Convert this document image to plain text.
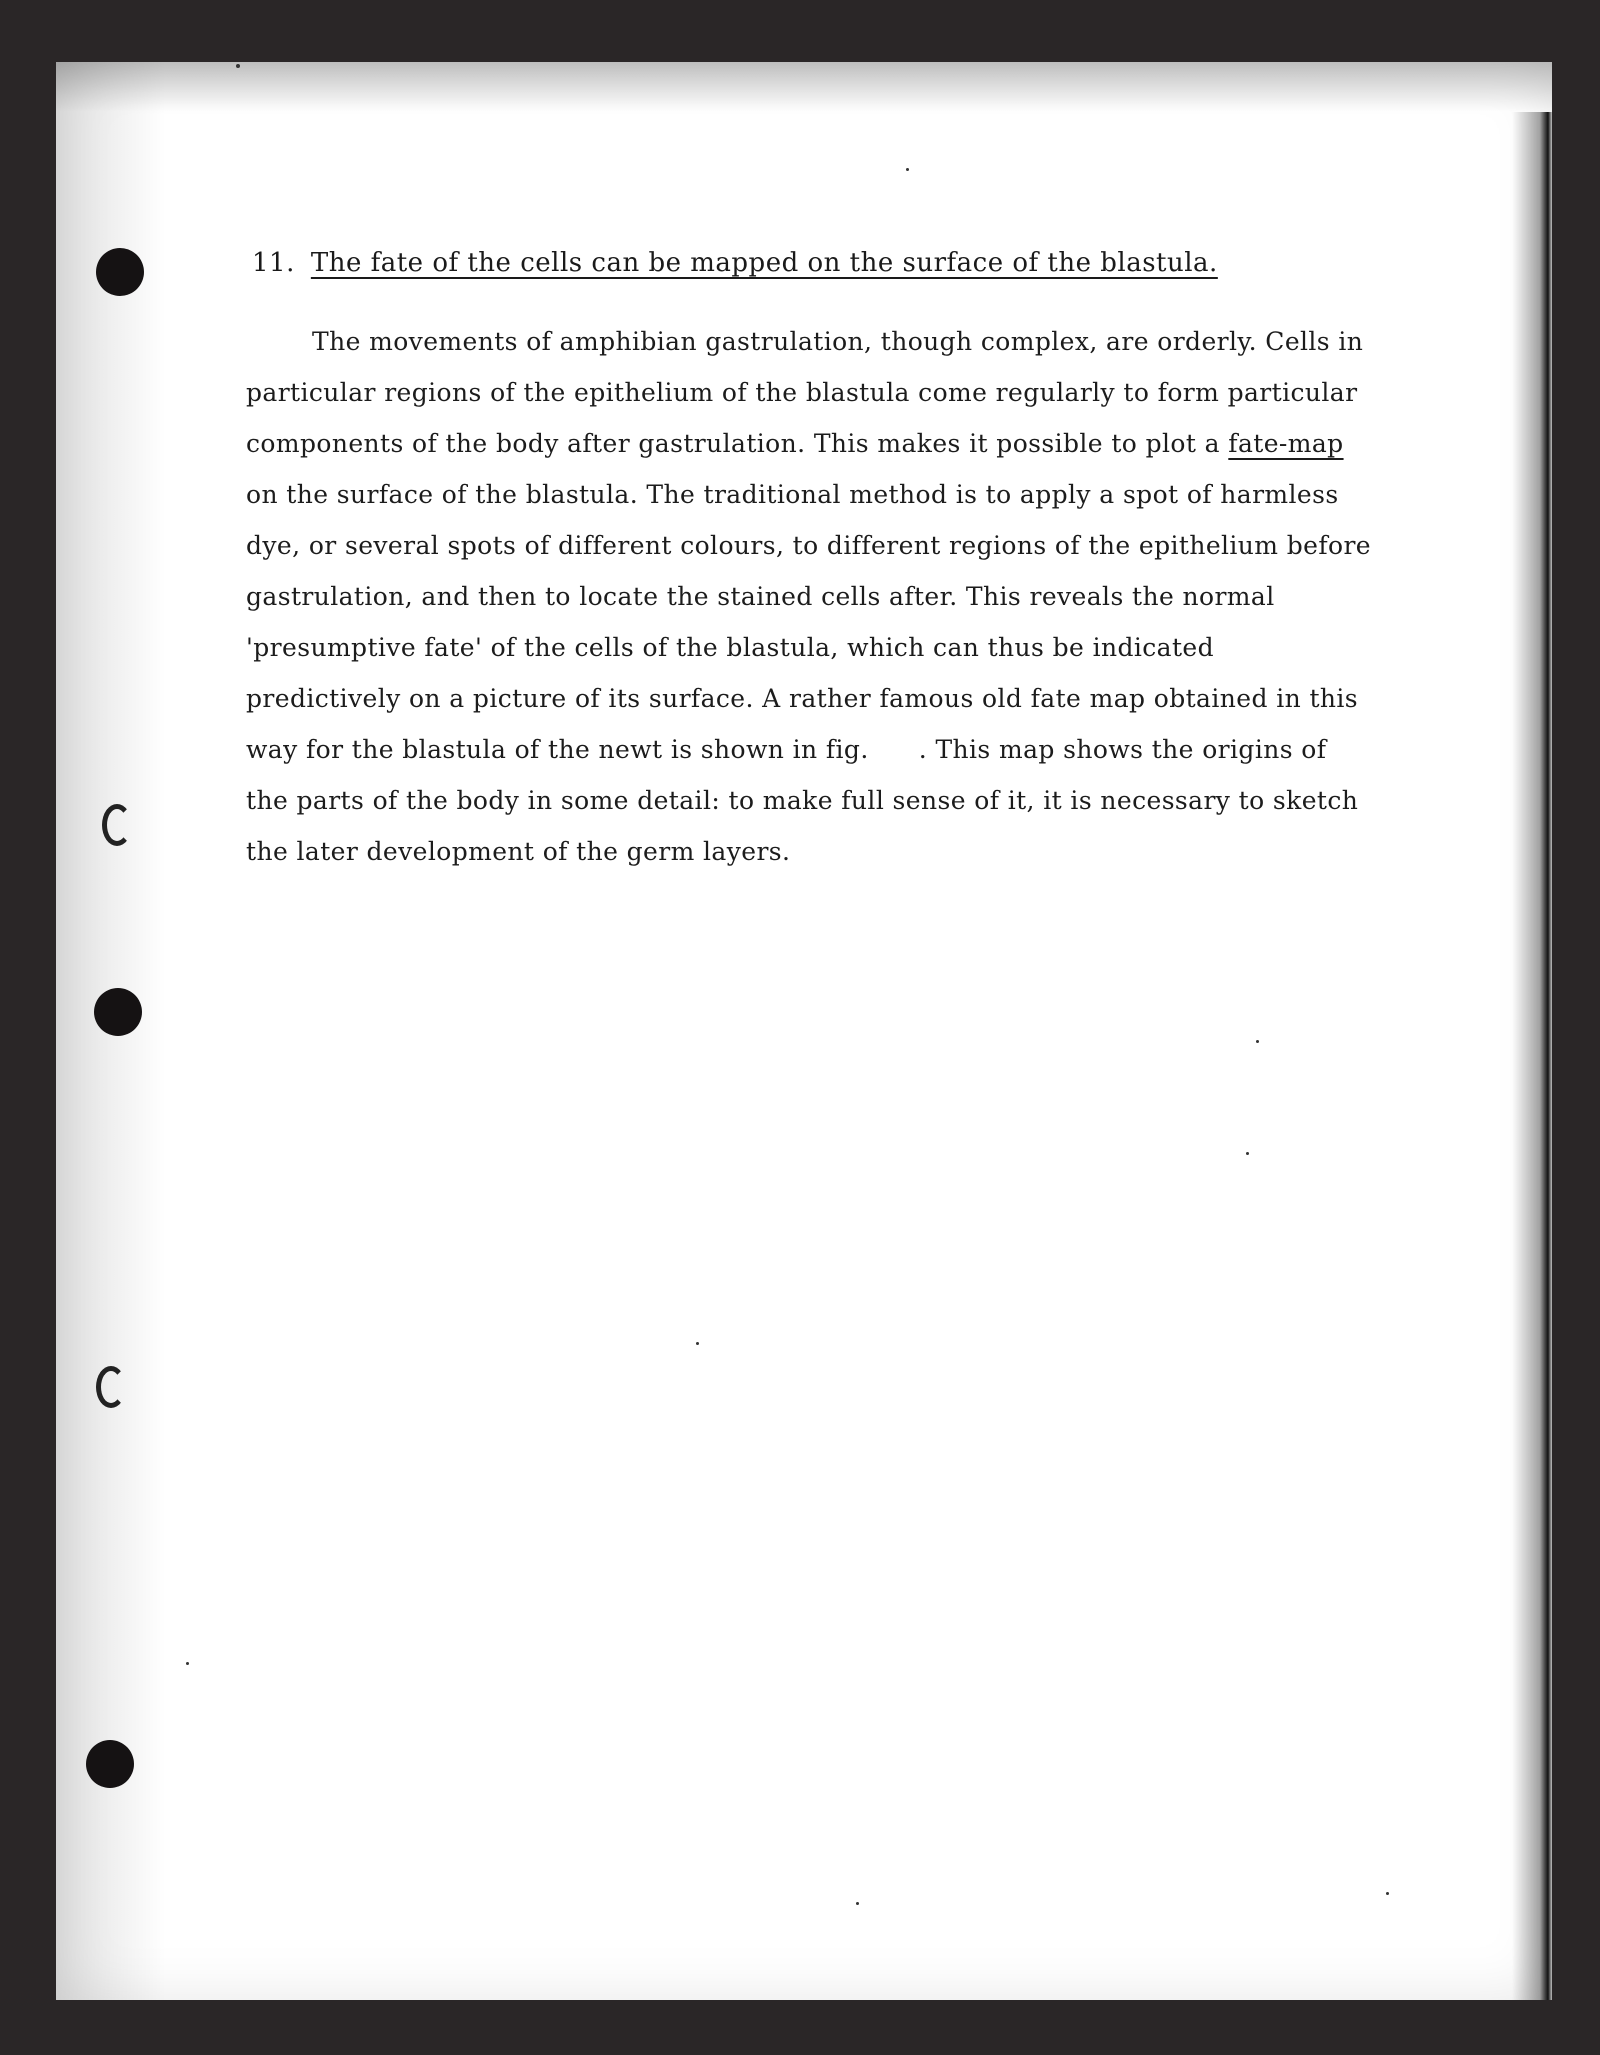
11. The fate of the cells can be mapped on the surface of the blastula.

The movements of amphibian gastrulation, though complex, are orderly. Cells in particular regions of the epithelium of the blastula come regularly to form particular components of the body after gastrulation. This makes it possible to plot a fate-map on the surface of the blastula. The traditional method is to apply a spot of harmless dye, or several spots of different colours, to different regions of the epithelium before gastrulation, and then to locate the stained cells after. This reveals the normal 'presumptive fate' of the cells of the blastula, which can thus be indicated predictively on a picture of its surface. A rather famous old fate map obtained in this way for the blastula of the newt is shown in fig. . This map shows the origins of the parts of the body in some detail: to make full sense of it, it is necessary to sketch the later development of the germ layers.
